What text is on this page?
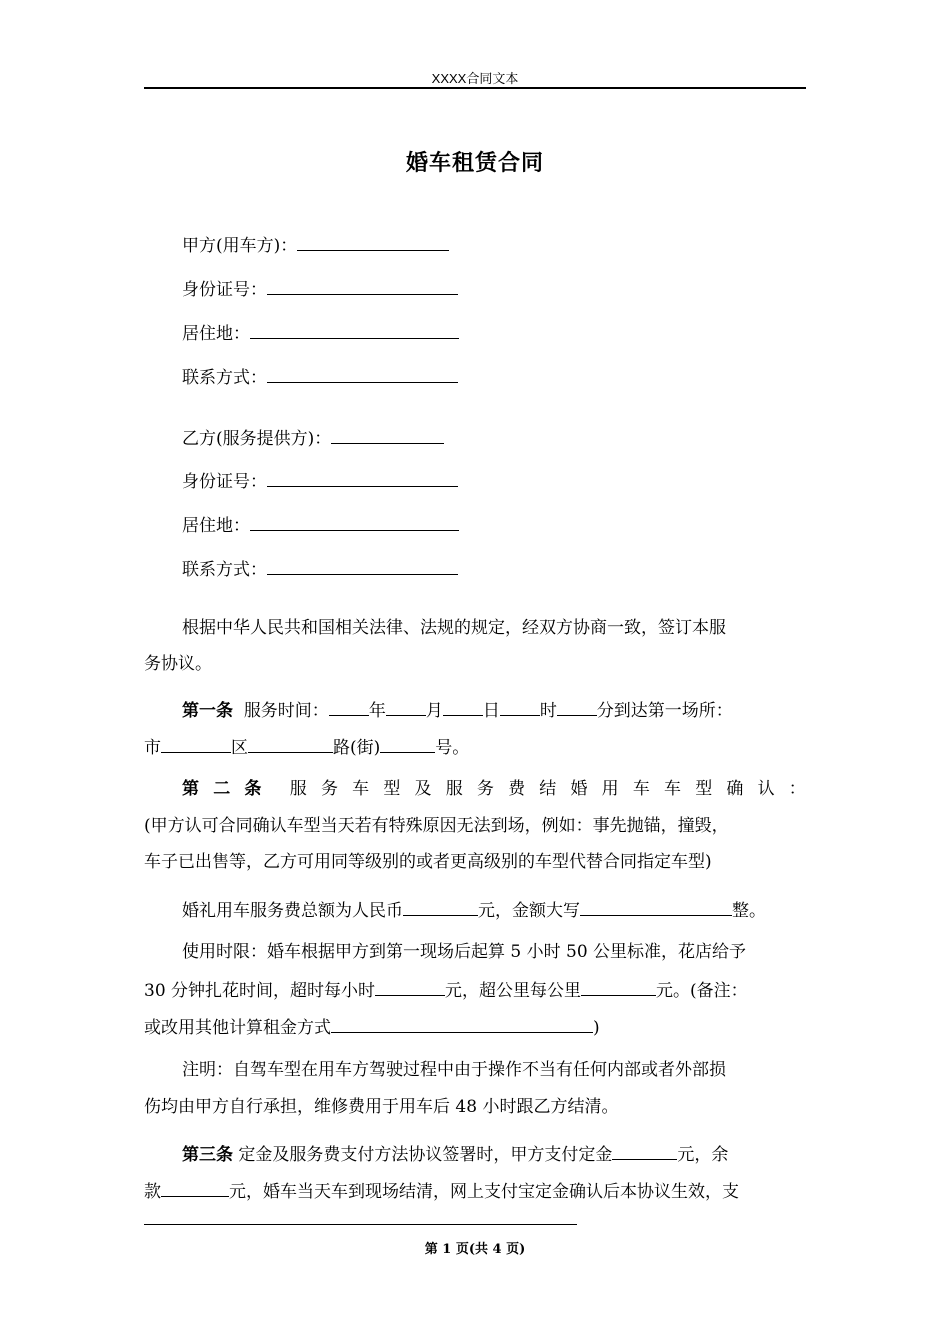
XXXX合同文本
婚车租赁合同
甲方(用车方)：
身份证号：
居住地：
联系方式：
乙方(服务提供方)：
身份证号：
居住地：
联系方式：
根据中华人民共和国相关法律、法规的规定，经双方协商一致，签订本服
务协议。
第一条 服务时间： 年 月 日 时 分到达第一场所：
市	区	路(街)	号。
第 二 条 服 务 车 型 及 服 务 费 结 婚 用 车 车 型 确 认 ：
(甲方认可合同确认车型当天若有特殊原因无法到场，例如：事先抛锚，撞毁，
车子已出售等，乙方可用同等级别的或者更高级别的车型代替合同指定车型)
婚礼用车服务费总额为人民币	元，金额大写	整。
使用时限：婚车根据甲方到第一现场后起算 5 小时 50 公里标准，花店给予
30 分钟扎花时间，超时每小时	元，超公里每公里	元。(备注：
或改用其他计算租金方式	)
注明：自驾车型在用车方驾驶过程中由于操作不当有任何内部或者外部损
伤均由甲方自行承担，维修费用于用车后 48 小时跟乙方结清。
第三条 定金及服务费支付方法协议签署时，甲方支付定金	元，余
款	元，婚车当天车到现场结清，网上支付宝定金确认后本协议生效，支
第 1 页(共 4 页)
